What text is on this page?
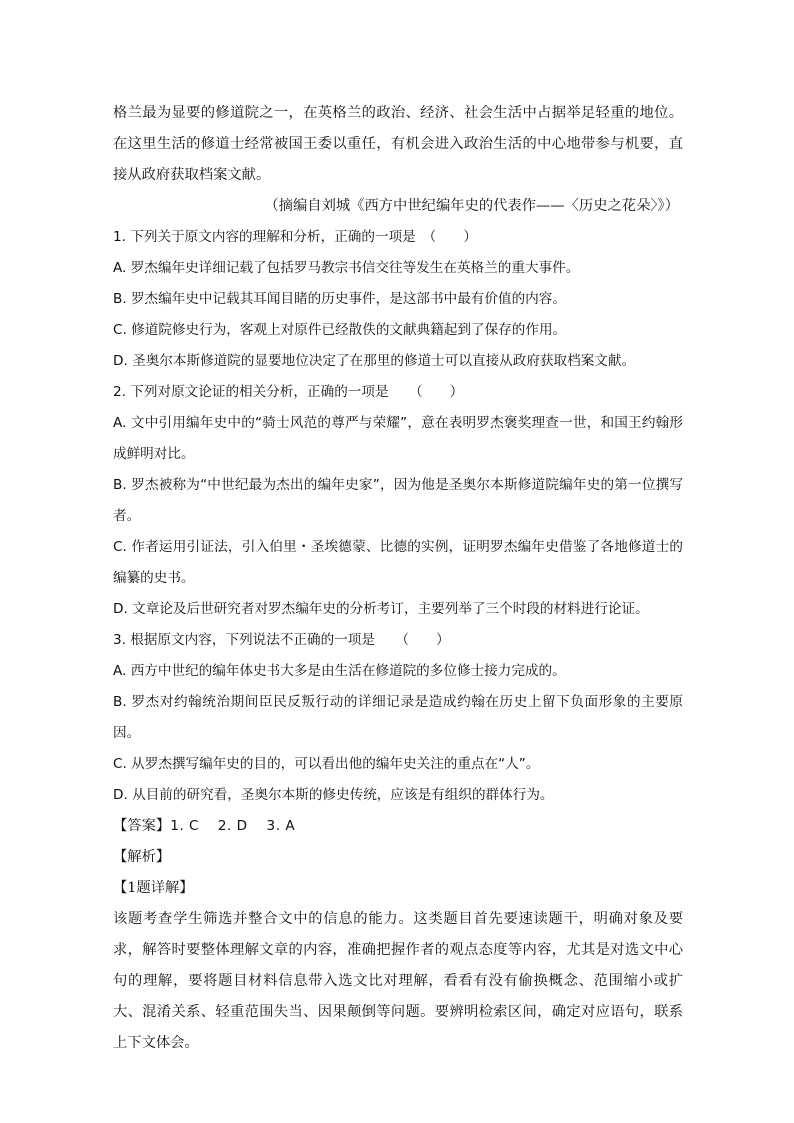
格兰最为显要的修道院之一，在英格兰的政治、经济、社会生活中占据举足轻重的地位。在这里生活的修道士经常被国王委以重任，有机会进入政治生活的中心地带参与机要，直接从政府获取档案文献。

（摘编自刘城《西方中世纪编年史的代表作——〈历史之花朵〉》）

1. 下列关于原文内容的理解和分析，正确的一项是　（　　）

A. 罗杰编年史详细记载了包括罗马教宗书信交往等发生在英格兰的重大事件。

B. 罗杰编年史中记载其耳闻目睹的历史事件，是这部书中最有价值的内容。

C. 修道院修史行为，客观上对原件已经散佚的文献典籍起到了保存的作用。

D. 圣奥尔本斯修道院的显要地位决定了在那里的修道士可以直接从政府获取档案文献。

2. 下列对原文论证的相关分析，正确的一项是　　（　　）

A. 文中引用编年史中的“骑士风范的尊严与荣耀”，意在表明罗杰褒奖理查一世，和国王约翰形成鲜明对比。

B. 罗杰被称为“中世纪最为杰出的编年史家”，因为他是圣奥尔本斯修道院编年史的第一位撰写者。

C. 作者运用引证法，引入伯里・圣埃德蒙、比德的实例，证明罗杰编年史借鉴了各地修道士的编纂的史书。

D. 文章论及后世研究者对罗杰编年史的分析考订，主要列举了三个时段的材料进行论证。

3. 根据原文内容，下列说法不正确的一项是　　（　　）

A. 西方中世纪的编年体史书大多是由生活在修道院的多位修士接力完成的。

B. 罗杰对约翰统治期间臣民反叛行动的详细记录是造成约翰在历史上留下负面形象的主要原因。

C. 从罗杰撰写编年史的目的，可以看出他的编年史关注的重点在“人”。

D. 从目前的研究看，圣奥尔本斯的修史传统，应该是有组织的群体行为。

【答案】1. C　 2. D　 3. A

【解析】

【1题详解】

该题考查学生筛选并整合文中的信息的能力。这类题目首先要速读题干，明确对象及要求，解答时要整体理解文章的内容，准确把握作者的观点态度等内容，尤其是对选文中心句的理解，要将题目材料信息带入选文比对理解，看看有没有偷换概念、范围缩小或扩大、混淆关系、轻重范围失当、因果颠倒等问题。要辨明检索区间，确定对应语句，联系上下文体会。
